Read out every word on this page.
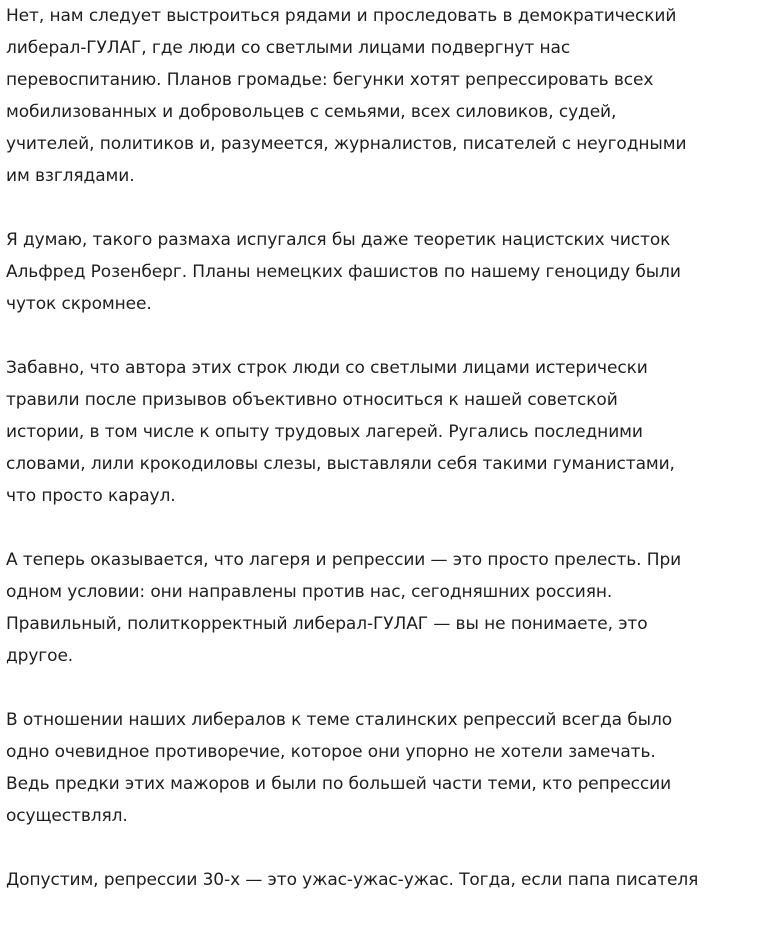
Нет, нам следует выстроиться рядами и проследовать в демократический
либерал-ГУЛАГ, где люди со светлыми лицами подвергнут нас
перевоспитанию. Планов громадье: бегунки хотят репрессировать всех
мобилизованных и добровольцев с семьями, всех силовиков, судей,
учителей, политиков и, разумеется, журналистов, писателей с неугодными
им взглядами.

Я думаю, такого размаха испугался бы даже теоретик нацистских чисток
Альфред Розенберг. Планы немецких фашистов по нашему геноциду были
чуток скромнее.

Забавно, что автора этих строк люди со светлыми лицами истерически
травили после призывов объективно относиться к нашей советской
истории, в том числе к опыту трудовых лагерей. Ругались последними
словами, лили крокодиловы слезы, выставляли себя такими гуманистами,
что просто караул.

А теперь оказывается, что лагеря и репрессии — это просто прелесть. При
одном условии: они направлены против нас, сегодняшних россиян.
Правильный, политкорректный либерал-ГУЛАГ — вы не понимаете, это
другое.

В отношении наших либералов к теме сталинских репрессий всегда было
одно очевидное противоречие, которое они упорно не хотели замечать.
Ведь предки этих мажоров и были по большей части теми, кто репрессии
осуществлял.

Допустим, репрессии 30-х — это ужас-ужас-ужас. Тогда, если папа писателя
